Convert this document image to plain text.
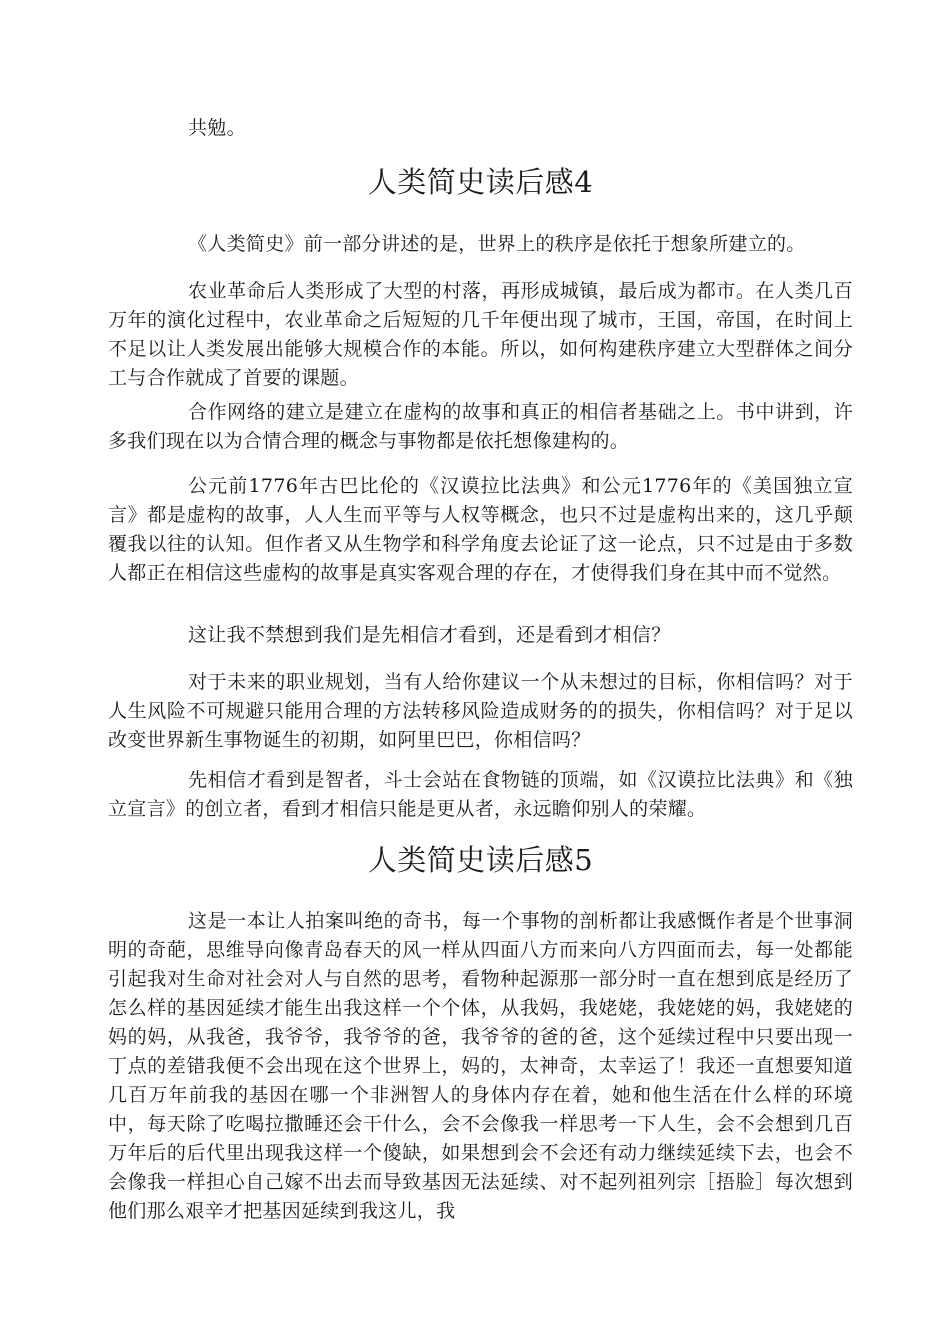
共勉。

人类简史读后感4

《人类简史》前一部分讲述的是，世界上的秩序是依托于想象所建立的。

农业革命后人类形成了大型的村落，再形成城镇，最后成为都市。在人类几百万年的演化过程中，农业革命之后短短的几千年便出现了城市，王国，帝国，在时间上不足以让人类发展出能够大规模合作的本能。所以，如何构建秩序建立大型群体之间分工与合作就成了首要的课题。

合作网络的建立是建立在虚构的故事和真正的相信者基础之上。书中讲到，许多我们现在以为合情合理的概念与事物都是依托想像建构的。

公元前1776年古巴比伦的《汉谟拉比法典》和公元1776年的《美国独立宣言》都是虚构的故事，人人生而平等与人权等概念，也只不过是虚构出来的，这几乎颠覆我以往的认知。但作者又从生物学和科学角度去论证了这一论点，只不过是由于多数人都正在相信这些虚构的故事是真实客观合理的存在，才使得我们身在其中而不觉然。

这让我不禁想到我们是先相信才看到，还是看到才相信？

对于未来的职业规划，当有人给你建议一个从未想过的目标，你相信吗？对于人生风险不可规避只能用合理的方法转移风险造成财务的的损失，你相信吗？对于足以改变世界新生事物诞生的初期，如阿里巴巴，你相信吗？

先相信才看到是智者，斗士会站在食物链的顶端，如《汉谟拉比法典》和《独立宣言》的创立者，看到才相信只能是更从者，永远瞻仰别人的荣耀。

人类简史读后感5

这是一本让人拍案叫绝的奇书，每一个事物的剖析都让我感慨作者是个世事洞明的奇葩，思维导向像青岛春天的风一样从四面八方而来向八方四面而去，每一处都能引起我对生命对社会对人与自然的思考，看物种起源那一部分时一直在想到底是经历了怎么样的基因延续才能生出我这样一个个体，从我妈，我姥姥，我姥姥的妈，我姥姥的妈的妈，从我爸，我爷爷，我爷爷的爸，我爷爷的爸的爸，这个延续过程中只要出现一丁点的差错我便不会出现在这个世界上，妈的，太神奇，太幸运了！我还一直想要知道几百万年前我的基因在哪一个非洲智人的身体内存在着，她和他生活在什么样的环境中，每天除了吃喝拉撒睡还会干什么，会不会像我一样思考一下人生，会不会想到几百万年后的后代里出现我这样一个傻缺，如果想到会不会还有动力继续延续下去，也会不会像我一样担心自己嫁不出去而导致基因无法延续、对不起列祖列宗［捂脸］每次想到他们那么艰辛才把基因延续到我这儿，我
